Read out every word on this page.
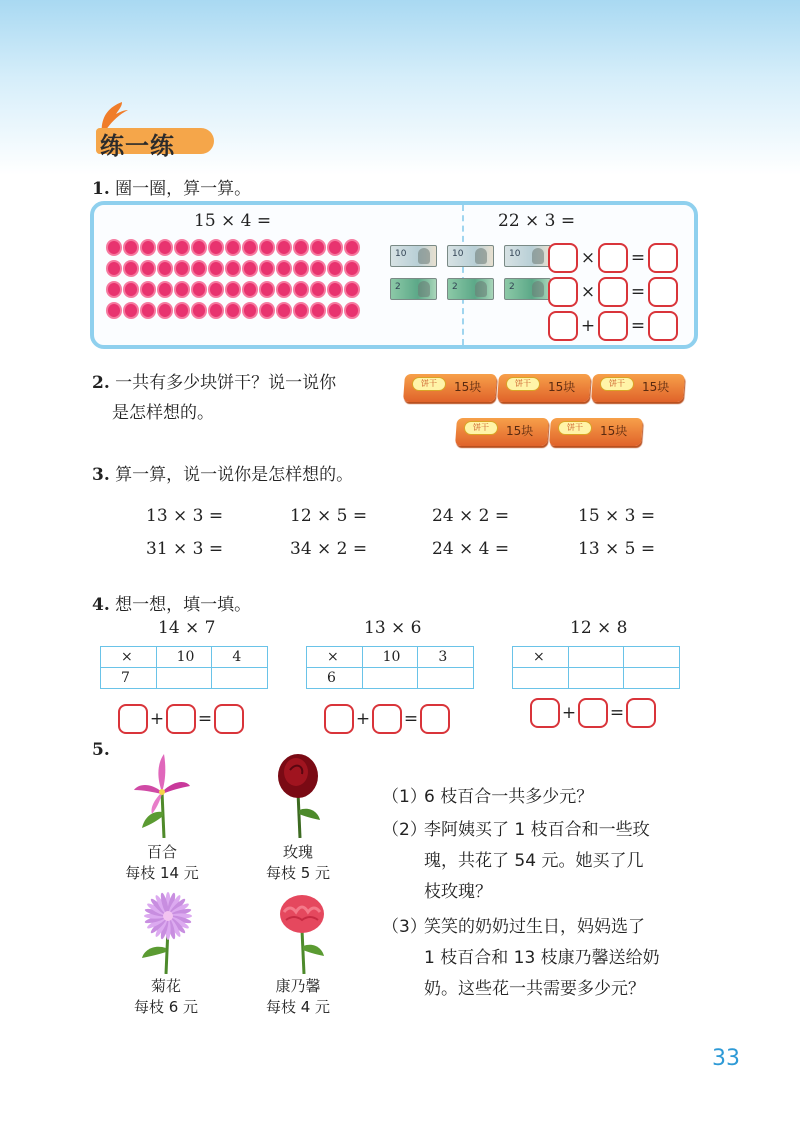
练一练
1. 圈一圈，算一算。
15 × 4 =	22 × 3 =
10	10	10
2	2	2
× =
× =
+ =
2. 一共有多少块饼干？说一说你
是怎样想的。
饼干	15块	饼干	15块	饼干	15块
饼干	15块	饼干	15块
3. 算一算，说一说你是怎样想的。
13 × 3 =	12 × 5 =	24 × 2 =	15 × 3 =
31 × 3 =	34 × 2 =	24 × 4 =	13 × 5 =
4. 想一想，填一填。
14 × 7
×	10	4
7		
+ =
13 × 6
×	10	3
6		
+ =
12 × 8
×		

+ =
5.
百合
每枝 14 元
玫瑰
每枝 5 元
菊花
每枝 6 元
康乃馨
每枝 4 元
（1）6 枝百合一共多少元？
（2）李阿姨买了 1 枝百合和一些玫
瑰，共花了 54 元。她买了几
枝玫瑰？
（3）笑笑的奶奶过生日，妈妈选了
1 枝百合和 13 枝康乃馨送给奶
奶。这些花一共需要多少元？
33
